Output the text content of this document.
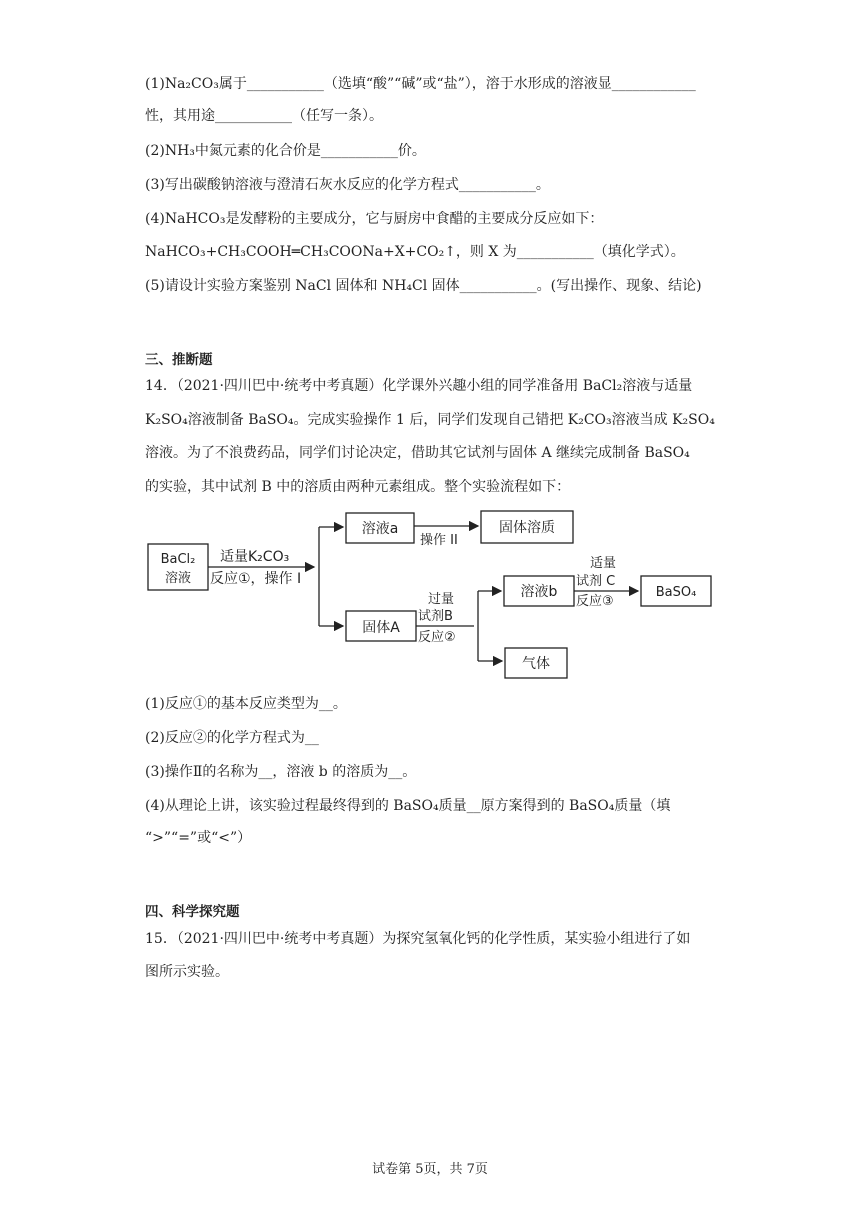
(1)Na₂CO₃属于___________（选填“酸”“碱”或“盐”），溶于水形成的溶液显____________
性，其用途___________（任写一条）。
(2)NH₃中氮元素的化合价是___________价。
(3)写出碳酸钠溶液与澄清石灰水反应的化学方程式___________。
(4)NaHCO₃是发酵粉的主要成分，它与厨房中食醋的主要成分反应如下：
NaHCO₃+CH₃COOH═CH₃COONa+X+CO₂↑，则 X 为___________（填化学式）。
(5)请设计实验方案鉴别 NaCl 固体和 NH₄Cl 固体___________。(写出操作、现象、结论)
三、推断题
14．（2021·四川巴中·统考中考真题）化学课外兴趣小组的同学准备用 BaCl₂溶液与适量
K₂SO₄溶液制备 BaSO₄。完成实验操作 1 后，同学们发现自己错把 K₂CO₃溶液当成 K₂SO₄
溶液。为了不浪费药品，同学们讨论决定，借助其它试剂与固体 A 继续完成制备 BaSO₄
的实验，其中试剂 B 中的溶质由两种元素组成。整个实验流程如下：
BaCl₂
溶液
适量K₂CO₃
反应①，操作 I
溶液a
操作 II
固体溶质
固体A
过量
试剂B
反应②
溶液b
适量
试剂 C
反应③
BaSO₄
气体
(1)反应①的基本反应类型为__。
(2)反应②的化学方程式为__
(3)操作Ⅱ的名称为__，溶液 b 的溶质为__。
(4)从理论上讲，该实验过程最终得到的 BaSO₄质量__原方案得到的 BaSO₄质量（填
“>”“=”或“<”）
四、科学探究题
15．（2021·四川巴中·统考中考真题）为探究氢氧化钙的化学性质，某实验小组进行了如
图所示实验。
试卷第 5页，共 7页
